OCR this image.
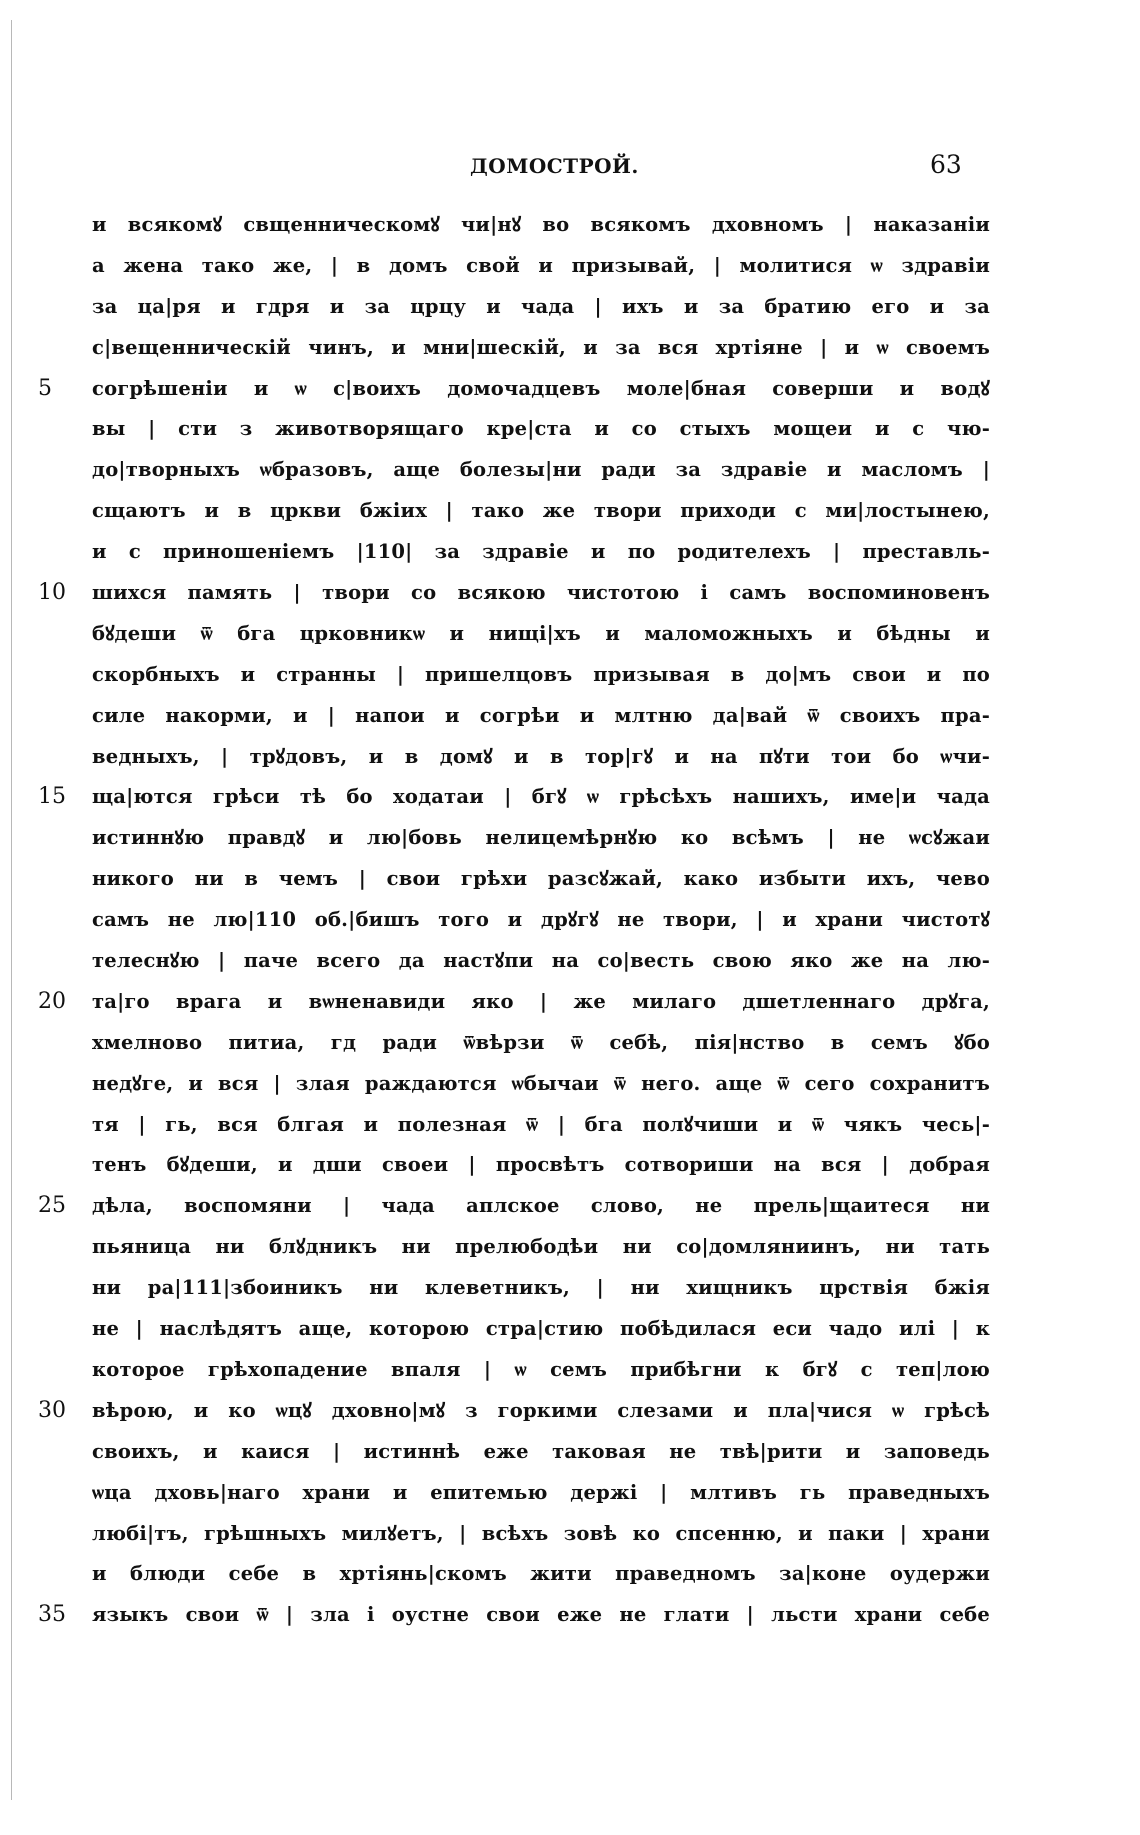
ДОМОСТРОЙ.	63
и всякомꙋ свщенническомꙋ чи|нꙋ во всякомъ дховномъ | наказаніи
а жена тако же, | в домъ свой и призывай, | молитися ѡ здравіи
за ца|ря и гдря и за црцу и чада | ихъ и за братию его и за
с|вещенническій чинъ, и мни|шескій, и за вся хртіяне | и ѡ своемъ
5	согрѣшеніи и ѡ с|воихъ домочадцевъ моле|бная соверши и водꙋ
вы | сти з животворящаго кре|ста и со стыхъ мощеи и с чю-
до|творныхъ ѡбразовъ, аще болезы|ни ради за здравіе и масломъ |
сщаютъ и в цркви бжіих | тако же твори приходи с ми|лостынею,
и с приношеніемъ |110| за здравіе и по родителехъ | преставль-
10	шихся память | твори со всякою чистотою і самъ воспоминовенъ
бꙋдеши ѿ бга црковникѡ и нищі|хъ и маломожныхъ и бѣдны и
скорбныхъ и странны | пришелцовъ призывая в до|мъ свои и по
силе накорми, и | напои и согрѣи и млтню да|вай ѿ своихъ пра-
ведныхъ, | трꙋдовъ, и в домꙋ и в тор|гꙋ и на пꙋти тои бо ѡчи-
15	ща|ются грѣси тѣ бо ходатаи | бгꙋ ѡ грѣсѣхъ нашихъ, име|и чада
истиннꙋю правдꙋ и лю|бовь нелицемѣрнꙋю ко всѣмъ | не ѡсꙋжаи
никого ни в чемъ | свои грѣхи разсꙋжай, како избыти ихъ, чево
самъ не лю|110 об.|бишъ того и дрꙋгꙋ не твори, | и храни чистотꙋ
телеснꙋю | паче всего да настꙋпи на со|весть свою яко же на лю-
20	та|го врага и вѡненавиди яко | же милаго дшетленнаго дрꙋга,
хмелново питиа, гд ради ѿвѣрзи ѿ себѣ, пія|нство в семъ ꙋбо
недꙋге, и вся | злая раждаются ѡбычаи ѿ него. аще ѿ сего сохранитъ
тя | гь, вся блгая и полезная ѿ | бга полꙋчиши и ѿ чякъ чесь|-
тенъ бꙋдеши, и дши своеи | просвѣтъ сотвориши на вся | добрая
25	дѣла, воспомяни | чада аплское слово, не прель|щаитеся ни
пьяница ни блꙋдникъ ни прелюбодѣи ни со|домляниинъ, ни тать
ни ра|111|збоиникъ ни клеветникъ, | ни хищникъ црствія бжія
не | наслѣдятъ аще, которою стра|стию побѣдилася еси чадо илі | к
которое грѣхопадение впаля | ѡ семъ прибѣгни к бгꙋ с теп|лою
30	вѣрою, и ко ѡцꙋ дховно|мꙋ з горкими слезами и пла|чися ѡ грѣсѣ
своихъ, и каися | истиннѣ еже таковая не твѣ|рити и заповедь
ѡца дховь|наго храни и епитемью держі | млтивъ гь праведныхъ
любі|тъ, грѣшныхъ милꙋетъ, | всѣхъ зовѣ ко спсенню, и паки | храни
и блюди себе в хртіянь|скомъ жити праведномъ за|коне оудержи
35	языкъ свои ѿ | зла і оустне свои еже не глати | льсти храни себе
